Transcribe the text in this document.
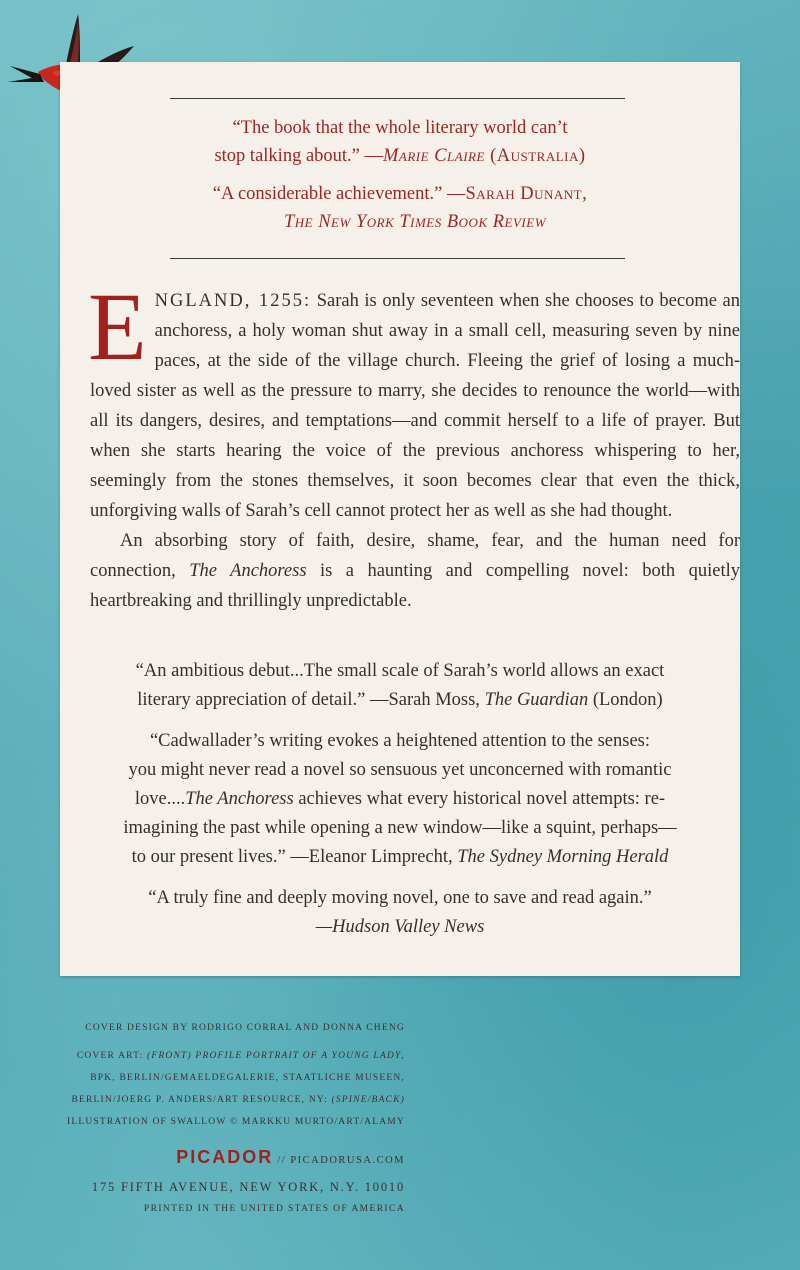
“The book that the whole literary world can’t
stop talking about.” —Marie Claire (Australia)
“A considerable achievement.” —Sarah Dunant,
The New York Times Book Review

ENGLAND, 1255: Sarah is only seventeen when she chooses to become an anchoress, a holy woman shut away in a small cell, measuring seven by nine paces, at the side of the village church. Fleeing the grief of losing a much-loved sister as well as the pressure to marry, she decides to renounce the world—with all its dangers, desires, and temptations—and commit herself to a life of prayer. But when she starts hearing the voice of the previous anchoress whispering to her, seemingly from the stones themselves, it soon becomes clear that even the thick, unforgiving walls of Sarah’s cell cannot protect her as well as she had thought.

An absorbing story of faith, desire, shame, fear, and the human need for connection, The Anchoress is a haunting and compelling novel: both quietly heartbreaking and thrillingly unpredictable.

“An ambitious debut...The small scale of Sarah’s world allows an exact
literary appreciation of detail.” —Sarah Moss, The Guardian (London)
“Cadwallader’s writing evokes a heightened attention to the senses:
you might never read a novel so sensuous yet unconcerned with romantic
love....The Anchoress achieves what every historical novel attempts: re-
imagining the past while opening a new window—like a squint, perhaps—
to our present lives.” —Eleanor Limprecht, The Sydney Morning Herald
“A truly fine and deeply moving novel, one to save and read again.”
—Hudson Valley News
COVER DESIGN BY RODRIGO CORRAL AND DONNA CHENG
COVER ART: (FRONT) PROFILE PORTRAIT OF A YOUNG LADY,
BPK, BERLIN/GEMAELDEGALERIE, STAATLICHE MUSEEN,
BERLIN/JOERG P. ANDERS/ART RESOURCE, NY: (SPINE/BACK)
ILLUSTRATION OF SWALLOW © MARKKU MURTO/ART/ALAMY
PICADOR // PICADORUSA.COM
175 FIFTH AVENUE, NEW YORK, N.Y. 10010
PRINTED IN THE UNITED STATES OF AMERICA
